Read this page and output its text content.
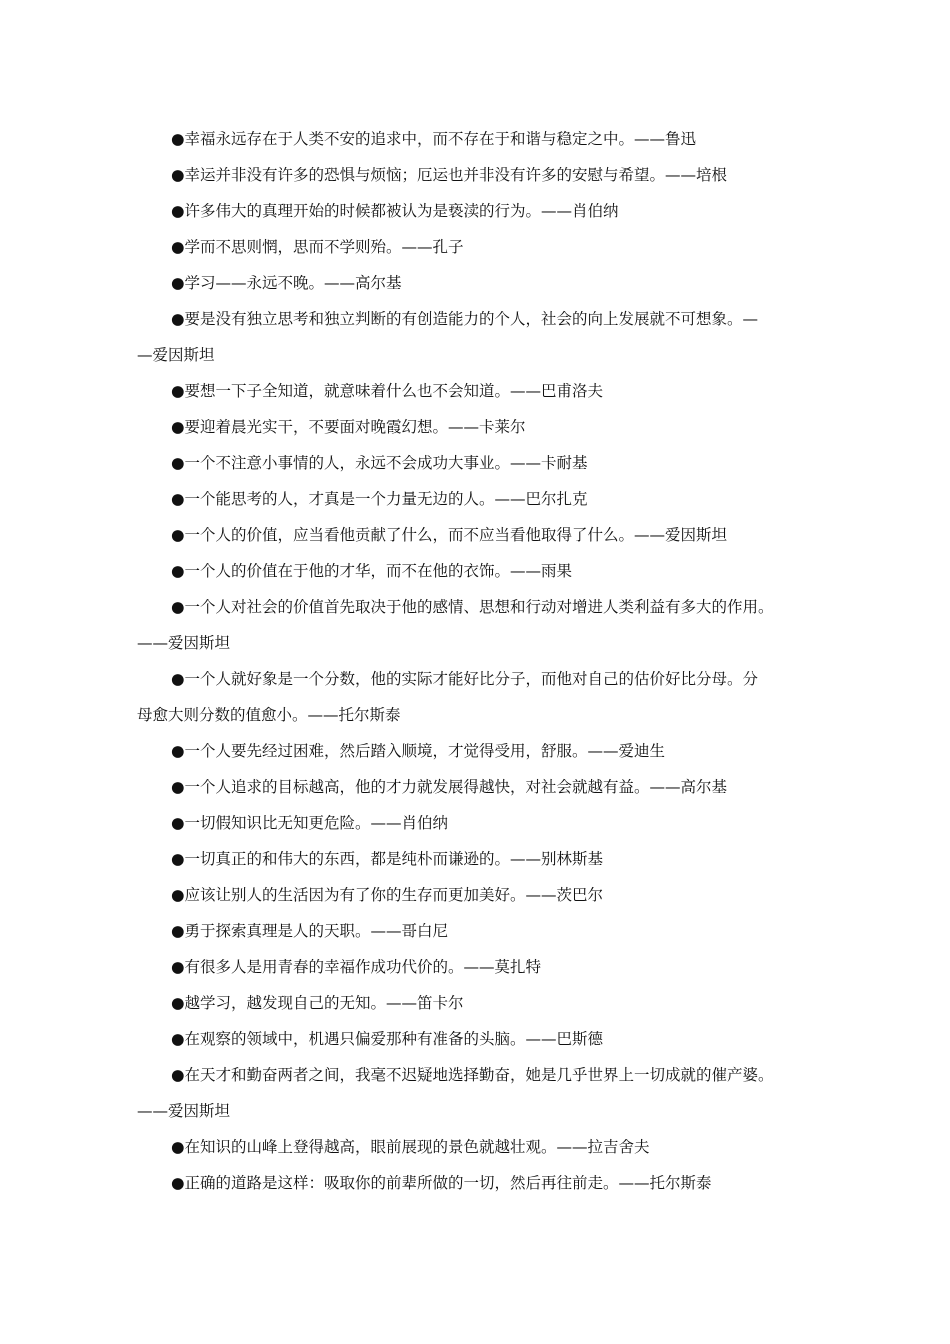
●幸福永远存在于人类不安的追求中，而不存在于和谐与稳定之中。——鲁迅
●幸运并非没有许多的恐惧与烦恼；厄运也并非没有许多的安慰与希望。——培根
●许多伟大的真理开始的时候都被认为是亵渎的行为。——肖伯纳
●学而不思则惘，思而不学则殆。——孔子
●学习——永远不晚。——高尔基
●要是没有独立思考和独立判断的有创造能力的个人，社会的向上发展就不可想象。—
—爱因斯坦
●要想一下子全知道，就意味着什么也不会知道。——巴甫洛夫
●要迎着晨光实干，不要面对晚霞幻想。——卡莱尔
●一个不注意小事情的人，永远不会成功大事业。——卡耐基
●一个能思考的人，才真是一个力量无边的人。——巴尔扎克
●一个人的价值，应当看他贡献了什么，而不应当看他取得了什么。——爱因斯坦
●一个人的价值在于他的才华，而不在他的衣饰。——雨果
●一个人对社会的价值首先取决于他的感情、思想和行动对增进人类利益有多大的作用。
——爱因斯坦
●一个人就好象是一个分数，他的实际才能好比分子，而他对自己的估价好比分母。分
母愈大则分数的值愈小。——托尔斯泰
●一个人要先经过困难，然后踏入顺境，才觉得受用，舒服。——爱迪生
●一个人追求的目标越高，他的才力就发展得越快，对社会就越有益。——高尔基
●一切假知识比无知更危险。——肖伯纳
●一切真正的和伟大的东西，都是纯朴而谦逊的。——别林斯基
●应该让别人的生活因为有了你的生存而更加美好。——茨巴尔
●勇于探索真理是人的天职。——哥白尼
●有很多人是用青春的幸福作成功代价的。——莫扎特
●越学习，越发现自己的无知。——笛卡尔
●在观察的领域中，机遇只偏爱那种有准备的头脑。——巴斯德
●在天才和勤奋两者之间，我毫不迟疑地选择勤奋，她是几乎世界上一切成就的催产婆。
——爱因斯坦
●在知识的山峰上登得越高，眼前展现的景色就越壮观。——拉吉舍夫
●正确的道路是这样：吸取你的前辈所做的一切，然后再往前走。——托尔斯泰
